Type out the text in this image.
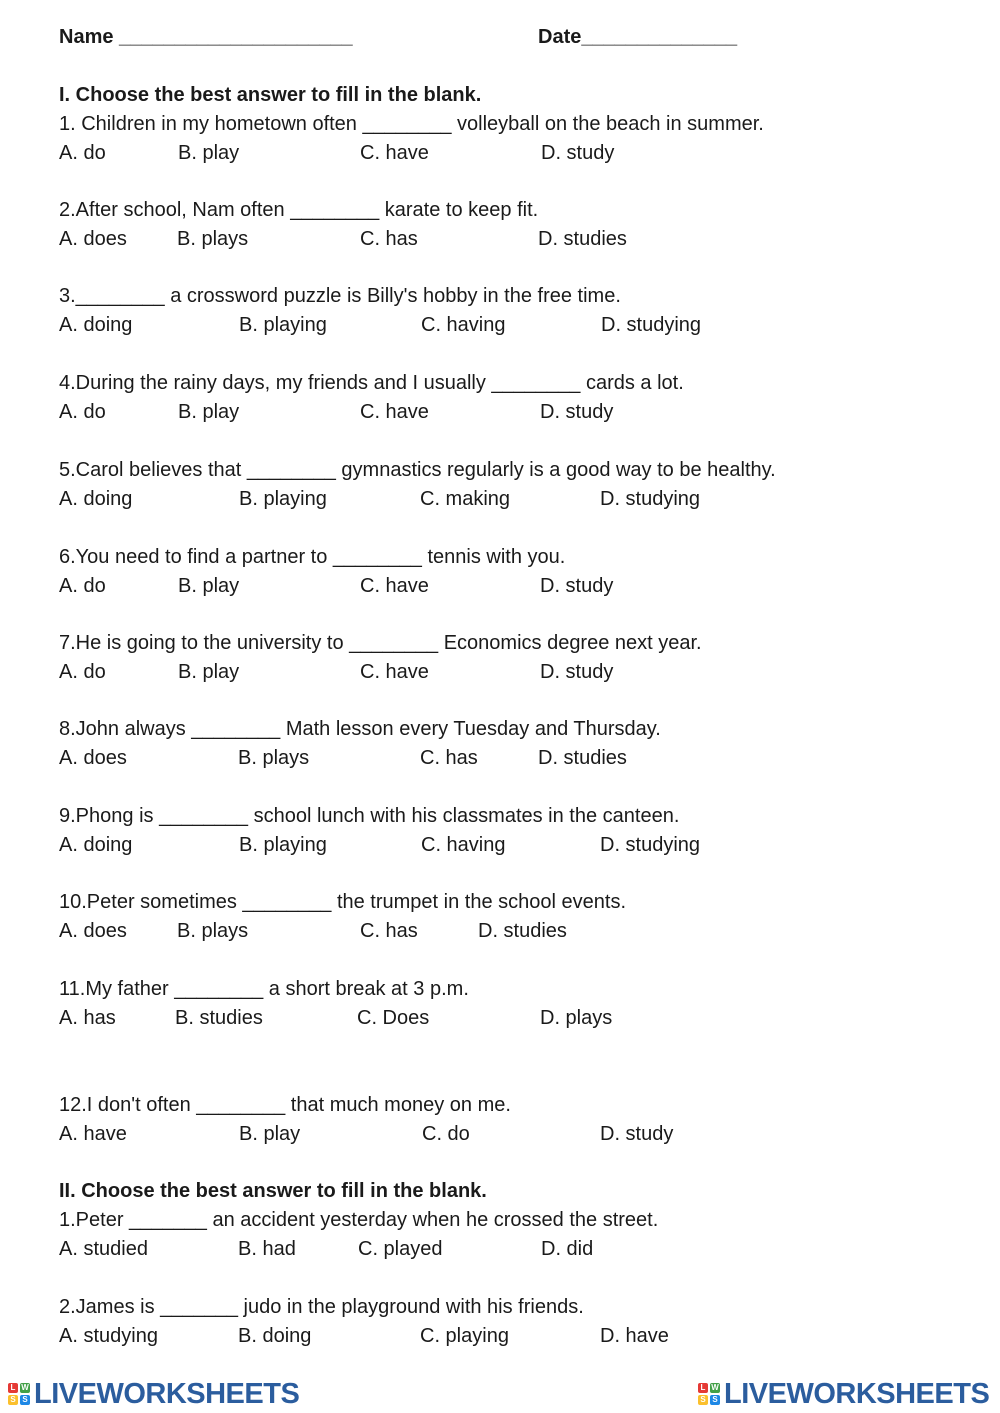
Name _____________________	Date______________
I. Choose the best answer to fill in the blank.
1. Children in my hometown often ________ volleyball on the beach in summer.
A. do	B. play	C. have	D. study
2.After school, Nam often ________ karate to keep fit.
A. does	B. plays	C. has	D. studies
3.________ a crossword puzzle is Billy's hobby in the free time.
A. doing	B. playing	C. having	D. studying
4.During the rainy days, my friends and I usually ________ cards a lot.
A. do	B. play	C. have	D. study
5.Carol believes that ________ gymnastics regularly is a good way to be healthy.
A. doing	B. playing	C. making	D. studying
6.You need to find a partner to ________ tennis with you.
A. do	B. play	C. have	D. study
7.He is going to the university to ________ Economics degree next year.
A. do	B. play	C. have	D. study
8.John always ________ Math lesson every Tuesday and Thursday.
A. does	B. plays	C. has	D. studies
9.Phong is ________ school lunch with his classmates in the canteen.
A. doing	B. playing	C. having	D. studying
10.Peter sometimes ________ the trumpet in the school events.
A. does	B. plays	C. has	D. studies
11.My father ________ a short break at 3 p.m.
A. has	B. studies	C. Does	D. plays
12.I don't often ________ that much money on me.
A. have	B. play	C. do	D. study
II. Choose the best answer to fill in the blank.
1.Peter _______ an accident yesterday when he crossed the street.
A. studied	B. had	C. played	D. did
2.James is _______ judo in the playground with his friends.
A. studying	B. doing	C. playing	D. have
L W
S S LIVEWORKSHEETS	L W
S S LIVEWORKSHEETS
